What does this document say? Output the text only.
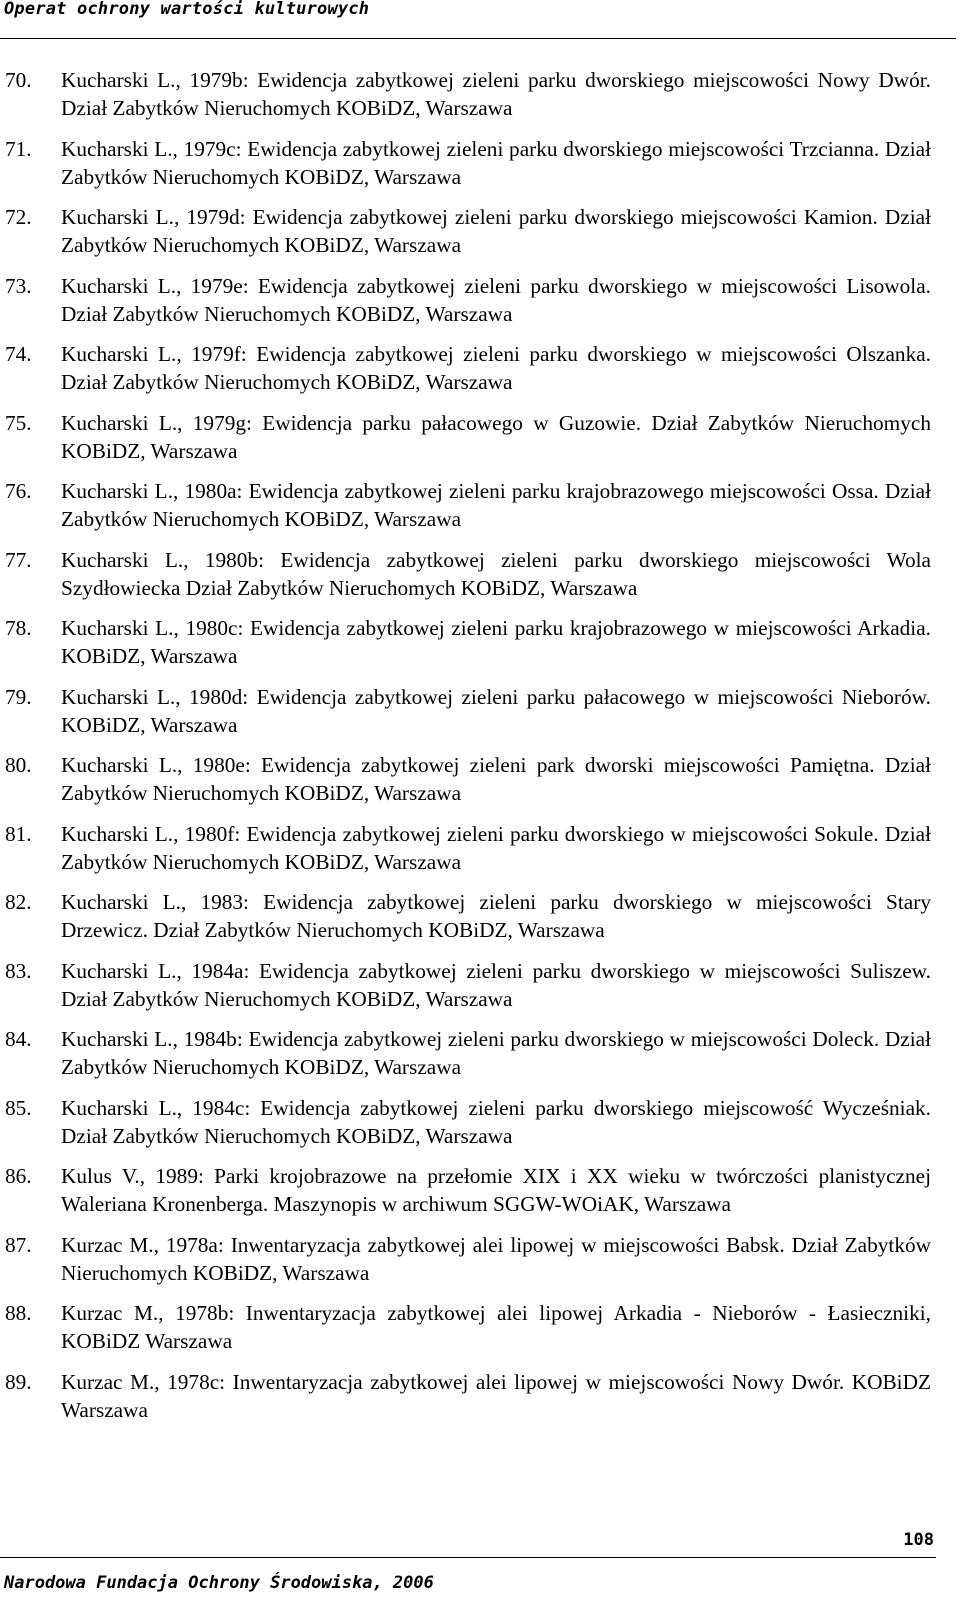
Operat ochrony wartości kulturowych
70. Kucharski L., 1979b: Ewidencja zabytkowej zieleni parku dworskiego miejscowości Nowy Dwór. Dział Zabytków Nieruchomych KOBiDZ, Warszawa
71. Kucharski L., 1979c: Ewidencja zabytkowej zieleni parku dworskiego miejscowości Trzcianna. Dział Zabytków Nieruchomych KOBiDZ, Warszawa
72. Kucharski L., 1979d: Ewidencja zabytkowej zieleni parku dworskiego miejscowości Kamion. Dział Zabytków Nieruchomych KOBiDZ, Warszawa
73. Kucharski L., 1979e: Ewidencja zabytkowej zieleni parku dworskiego w miejscowości Lisowola. Dział Zabytków Nieruchomych KOBiDZ, Warszawa
74. Kucharski L., 1979f: Ewidencja zabytkowej zieleni parku dworskiego w miejscowości Olszanka. Dział Zabytków Nieruchomych KOBiDZ, Warszawa
75. Kucharski L., 1979g: Ewidencja parku pałacowego w Guzowie. Dział Zabytków Nieruchomych KOBiDZ, Warszawa
76. Kucharski L., 1980a: Ewidencja zabytkowej zieleni parku krajobrazowego miejscowości Ossa. Dział Zabytków Nieruchomych KOBiDZ, Warszawa
77. Kucharski L., 1980b: Ewidencja zabytkowej zieleni parku dworskiego miejscowości Wola Szydłowiecka Dział Zabytków Nieruchomych KOBiDZ, Warszawa
78. Kucharski L., 1980c: Ewidencja zabytkowej zieleni parku krajobrazowego w miejscowości Arkadia. KOBiDZ, Warszawa
79. Kucharski L., 1980d: Ewidencja zabytkowej zieleni parku pałacowego w miejscowości Nieborów. KOBiDZ, Warszawa
80. Kucharski L., 1980e: Ewidencja zabytkowej zieleni park dworski miejscowości Pamiętna. Dział Zabytków Nieruchomych KOBiDZ, Warszawa
81. Kucharski L., 1980f: Ewidencja zabytkowej zieleni parku dworskiego w miejscowości Sokule. Dział Zabytków Nieruchomych KOBiDZ, Warszawa
82. Kucharski L., 1983: Ewidencja zabytkowej zieleni parku dworskiego w miejscowości Stary Drzewicz. Dział Zabytków Nieruchomych KOBiDZ, Warszawa
83. Kucharski L., 1984a: Ewidencja zabytkowej zieleni parku dworskiego w miejscowości Suliszew. Dział Zabytków Nieruchomych KOBiDZ, Warszawa
84. Kucharski L., 1984b: Ewidencja zabytkowej zieleni parku dworskiego w miejscowości Doleck. Dział Zabytków Nieruchomych KOBiDZ, Warszawa
85. Kucharski L., 1984c: Ewidencja zabytkowej zieleni parku dworskiego miejscowość Wycześniak. Dział Zabytków Nieruchomych KOBiDZ, Warszawa
86. Kulus V., 1989: Parki krojobrazowe na przełomie XIX i XX wieku w twórczości planistycznej Waleriana Kronenberga. Maszynopis w archiwum SGGW-WOiAK, Warszawa
87. Kurzac M., 1978a: Inwentaryzacja zabytkowej alei lipowej w miejscowości Babsk. Dział Zabytków Nieruchomych KOBiDZ, Warszawa
88. Kurzac M., 1978b: Inwentaryzacja zabytkowej alei lipowej Arkadia - Nieborów - Łasieczniki, KOBiDZ Warszawa
89. Kurzac M., 1978c: Inwentaryzacja zabytkowej alei lipowej w miejscowości Nowy Dwór. KOBiDZ Warszawa
108
Narodowa Fundacja Ochrony Środowiska, 2006
